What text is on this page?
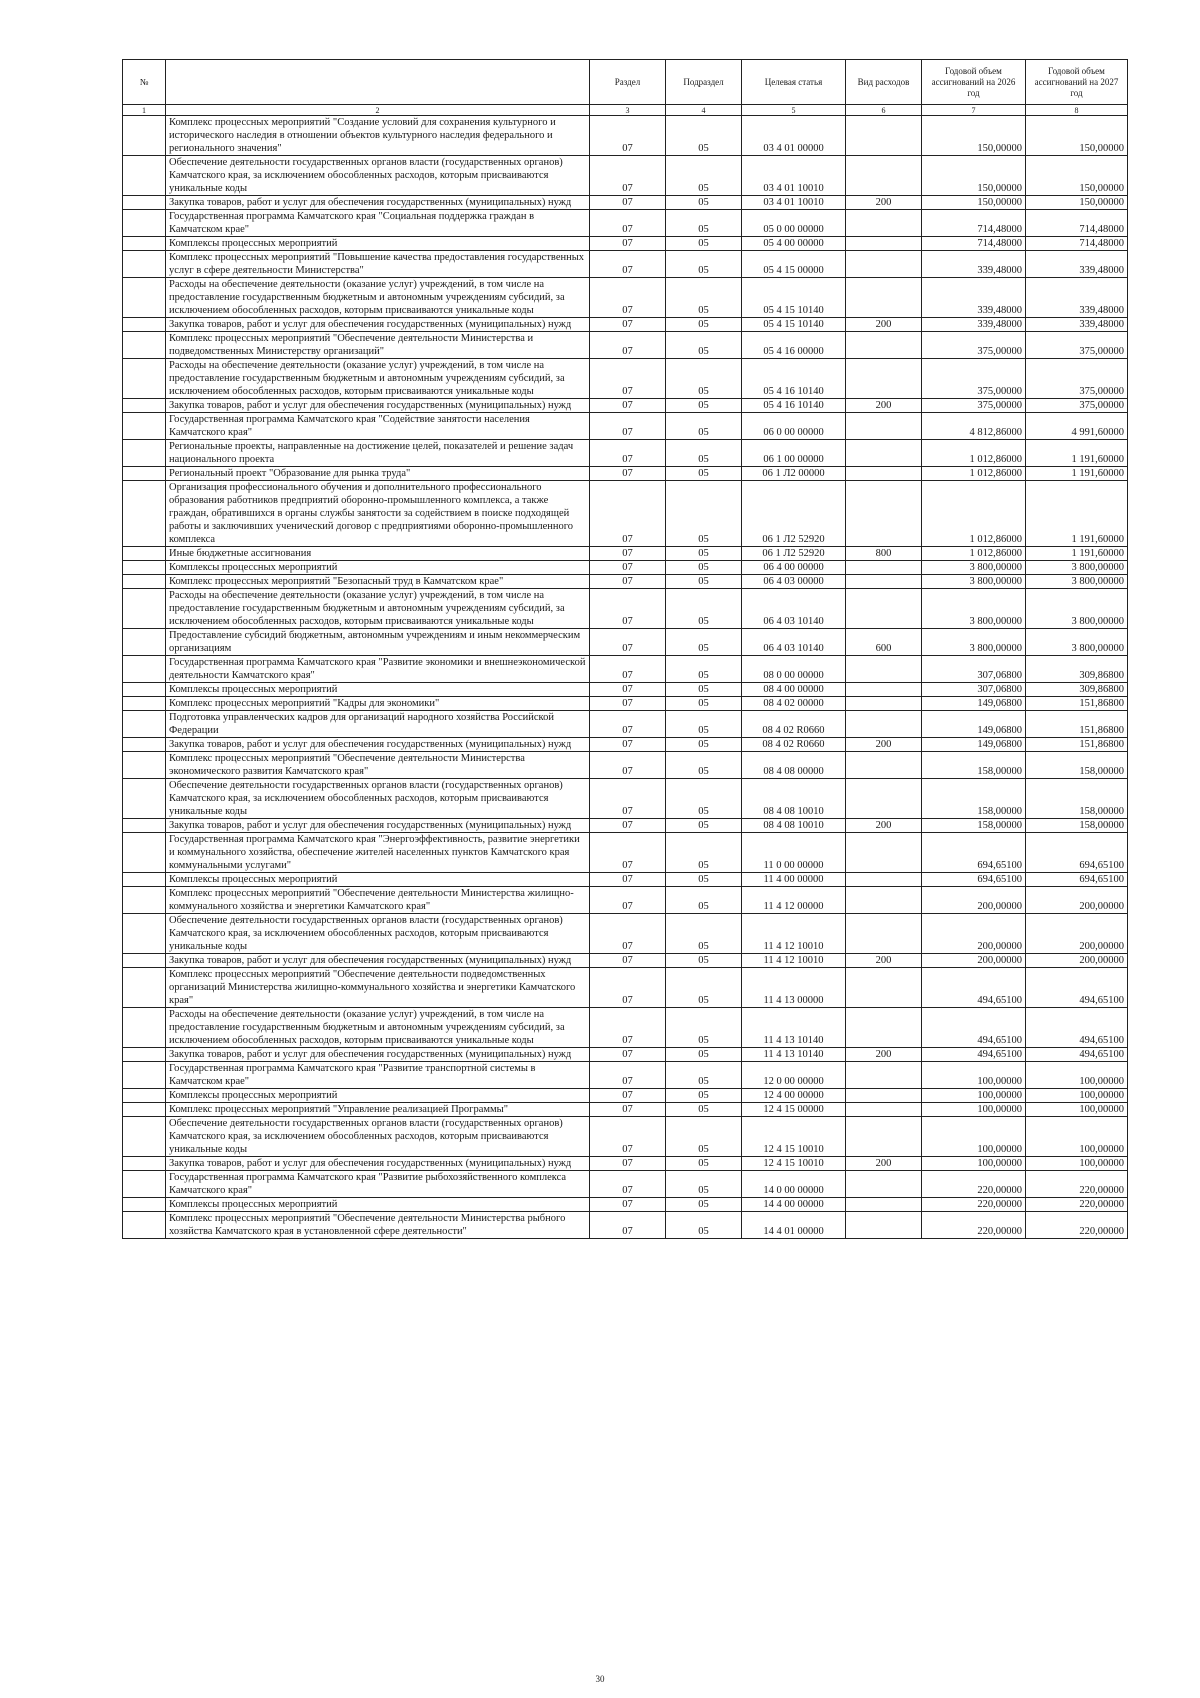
№		Раздел	Подраздел	Целевая статья	Вид расходов	Годовой объем ассигнований на 2026 год	Годовой объем ассигнований на 2027 год
1	2	3	4	5	6	7	8
	Комплекс процессных мероприятий "Создание условий для сохранения культурного и исторического наследия в отношении объектов культурного наследия федерального и регионального значения"	07	05	03 4 01 00000		150,00000	150,00000
	Обеспечение деятельности государственных органов власти (государственных органов) Камчатского края, за исключением обособленных расходов, которым присваиваются уникальные коды	07	05	03 4 01 10010		150,00000	150,00000
	Закупка товаров, работ и услуг для обеспечения государственных (муниципальных) нужд	07	05	03 4 01 10010	200	150,00000	150,00000
	Государственная программа Камчатского края "Социальная поддержка граждан в Камчатском крае"	07	05	05 0 00 00000		714,48000	714,48000
	Комплексы процессных мероприятий	07	05	05 4 00 00000		714,48000	714,48000
	Комплекс процессных мероприятий "Повышение качества предоставления государственных услуг в сфере деятельности Министерства"	07	05	05 4 15 00000		339,48000	339,48000
	Расходы на обеспечение деятельности (оказание услуг) учреждений, в том числе на предоставление государственным бюджетным и автономным учреждениям субсидий, за исключением обособленных расходов, которым присваиваются уникальные коды	07	05	05 4 15 10140		339,48000	339,48000
	Закупка товаров, работ и услуг для обеспечения государственных (муниципальных) нужд	07	05	05 4 15 10140	200	339,48000	339,48000
	Комплекс процессных мероприятий "Обеспечение деятельности Министерства и подведомственных Министерству организаций"	07	05	05 4 16 00000		375,00000	375,00000
	Расходы на обеспечение деятельности (оказание услуг) учреждений, в том числе на предоставление государственным бюджетным и автономным учреждениям субсидий, за исключением обособленных расходов, которым присваиваются уникальные коды	07	05	05 4 16 10140		375,00000	375,00000
	Закупка товаров, работ и услуг для обеспечения государственных (муниципальных) нужд	07	05	05 4 16 10140	200	375,00000	375,00000
	Государственная программа Камчатского края "Содействие занятости населения Камчатского края"	07	05	06 0 00 00000		4 812,86000	4 991,60000
	Региональные проекты, направленные на достижение целей, показателей и решение задач национального проекта	07	05	06 1 00 00000		1 012,86000	1 191,60000
	Региональный проект "Образование для рынка труда"	07	05	06 1 Л2 00000		1 012,86000	1 191,60000
	Организация профессионального обучения и дополнительного профессионального образования работников предприятий оборонно-промышленного комплекса, а также граждан, обратившихся в органы службы занятости за содействием в поиске подходящей работы и заключивших ученический договор с предприятиями оборонно-промышленного комплекса	07	05	06 1 Л2 52920		1 012,86000	1 191,60000
	Иные бюджетные ассигнования	07	05	06 1 Л2 52920	800	1 012,86000	1 191,60000
	Комплексы процессных мероприятий	07	05	06 4 00 00000		3 800,00000	3 800,00000
	Комплекс процессных мероприятий "Безопасный труд в Камчатском крае"	07	05	06 4 03 00000		3 800,00000	3 800,00000
	Расходы на обеспечение деятельности (оказание услуг) учреждений, в том числе на предоставление государственным бюджетным и автономным учреждениям субсидий, за исключением обособленных расходов, которым присваиваются уникальные коды	07	05	06 4 03 10140		3 800,00000	3 800,00000
	Предоставление субсидий бюджетным, автономным учреждениям и иным некоммерческим организациям	07	05	06 4 03 10140	600	3 800,00000	3 800,00000
	Государственная программа Камчатского края "Развитие экономики и внешнеэкономической деятельности Камчатского края"	07	05	08 0 00 00000		307,06800	309,86800
	Комплексы процессных мероприятий	07	05	08 4 00 00000		307,06800	309,86800
	Комплекс процессных мероприятий "Кадры для экономики"	07	05	08 4 02 00000		149,06800	151,86800
	Подготовка управленческих кадров для организаций народного хозяйства Российской Федерации	07	05	08 4 02 R0660		149,06800	151,86800
	Закупка товаров, работ и услуг для обеспечения государственных (муниципальных) нужд	07	05	08 4 02 R0660	200	149,06800	151,86800
	Комплекс процессных мероприятий "Обеспечение деятельности Министерства экономического развития Камчатского края"	07	05	08 4 08 00000		158,00000	158,00000
	Обеспечение деятельности государственных органов власти (государственных органов) Камчатского края, за исключением обособленных расходов, которым присваиваются уникальные коды	07	05	08 4 08 10010		158,00000	158,00000
	Закупка товаров, работ и услуг для обеспечения государственных (муниципальных) нужд	07	05	08 4 08 10010	200	158,00000	158,00000
	Государственная программа Камчатского края "Энергоэффективность, развитие энергетики и коммунального хозяйства, обеспечение жителей населенных пунктов Камчатского края коммунальными услугами"	07	05	11 0 00 00000		694,65100	694,65100
	Комплексы процессных мероприятий	07	05	11 4 00 00000		694,65100	694,65100
	Комплекс процессных мероприятий "Обеспечение деятельности Министерства жилищно-коммунального хозяйства и энергетики Камчатского края"	07	05	11 4 12 00000		200,00000	200,00000
	Обеспечение деятельности государственных органов власти (государственных органов) Камчатского края, за исключением обособленных расходов, которым присваиваются уникальные коды	07	05	11 4 12 10010		200,00000	200,00000
	Закупка товаров, работ и услуг для обеспечения государственных (муниципальных) нужд	07	05	11 4 12 10010	200	200,00000	200,00000
	Комплекс процессных мероприятий "Обеспечение деятельности подведомственных организаций Министерства жилищно-коммунального хозяйства и энергетики Камчатского края"	07	05	11 4 13 00000		494,65100	494,65100
	Расходы на обеспечение деятельности (оказание услуг) учреждений, в том числе на предоставление государственным бюджетным и автономным учреждениям субсидий, за исключением обособленных расходов, которым присваиваются уникальные коды	07	05	11 4 13 10140		494,65100	494,65100
	Закупка товаров, работ и услуг для обеспечения государственных (муниципальных) нужд	07	05	11 4 13 10140	200	494,65100	494,65100
	Государственная программа Камчатского края "Развитие транспортной системы в Камчатском крае"	07	05	12 0 00 00000		100,00000	100,00000
	Комплексы процессных мероприятий	07	05	12 4 00 00000		100,00000	100,00000
	Комплекс процессных мероприятий "Управление реализацией Программы"	07	05	12 4 15 00000		100,00000	100,00000
	Обеспечение деятельности государственных органов власти (государственных органов) Камчатского края, за исключением обособленных расходов, которым присваиваются уникальные коды	07	05	12 4 15 10010		100,00000	100,00000
	Закупка товаров, работ и услуг для обеспечения государственных (муниципальных) нужд	07	05	12 4 15 10010	200	100,00000	100,00000
	Государственная программа Камчатского края "Развитие рыбохозяйственного комплекса Камчатского края"	07	05	14 0 00 00000		220,00000	220,00000
	Комплексы процессных мероприятий	07	05	14 4 00 00000		220,00000	220,00000
	Комплекс процессных мероприятий "Обеспечение деятельности Министерства рыбного хозяйства Камчатского края в установленной сфере деятельности"	07	05	14 4 01 00000		220,00000	220,00000
30
